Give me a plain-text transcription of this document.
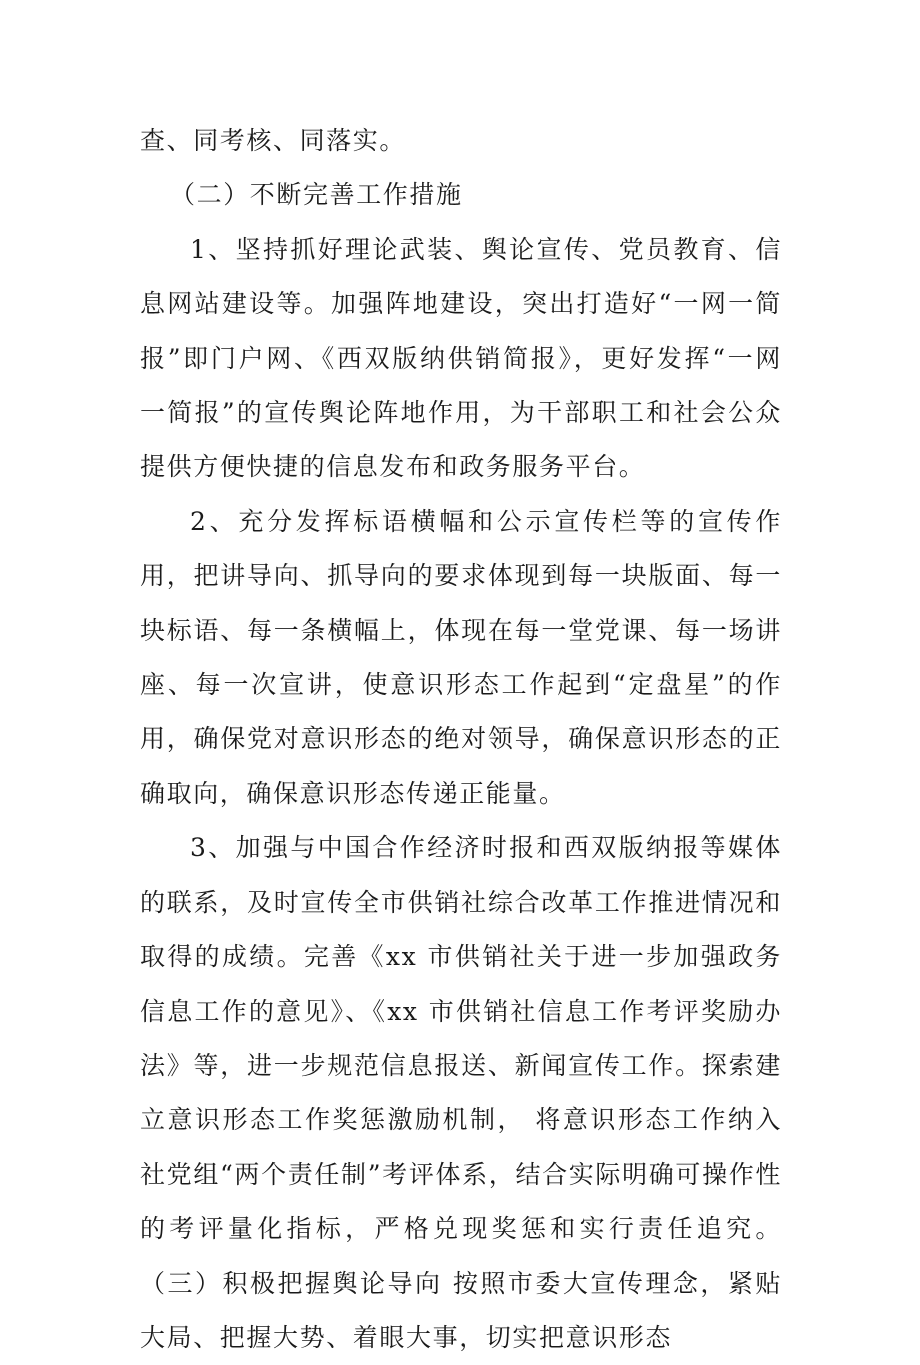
查、同考核、同落实。

（二）不断完善工作措施

1、坚持抓好理论武装、舆论宣传、党员教育、信息网站建设等。加强阵地建设，突出打造好“一网一简报”即门户网、《西双版纳供销简报》，更好发挥“一网一简报”的宣传舆论阵地作用，为干部职工和社会公众提供方便快捷的信息发布和政务服务平台。

2、充分发挥标语横幅和公示宣传栏等的宣传作用，把讲导向、抓导向的要求体现到每一块版面、每一块标语、每一条横幅上，体现在每一堂党课、每一场讲座、每一次宣讲，使意识形态工作起到“定盘星”的作用，确保党对意识形态的绝对领导，确保意识形态的正确取向，确保意识形态传递正能量。

3、加强与中国合作经济时报和西双版纳报等媒体的联系，及时宣传全市供销社综合改革工作推进情况和取得的成绩。完善《xx 市供销社关于进一步加强政务信息工作的意见》、《xx 市供销社信息工作考评奖励办法》等，进一步规范信息报送、新闻宣传工作。探索建立意识形态工作奖惩激励机制， 将意识形态工作纳入社党组“两个责任制”考评体系，结合实际明确可操作性的考评量化指标，严格兑现奖惩和实行责任追究。 （三）积极把握舆论导向 按照市委大宣传理念，紧贴大局、把握大势、着眼大事，切实把意识形态
